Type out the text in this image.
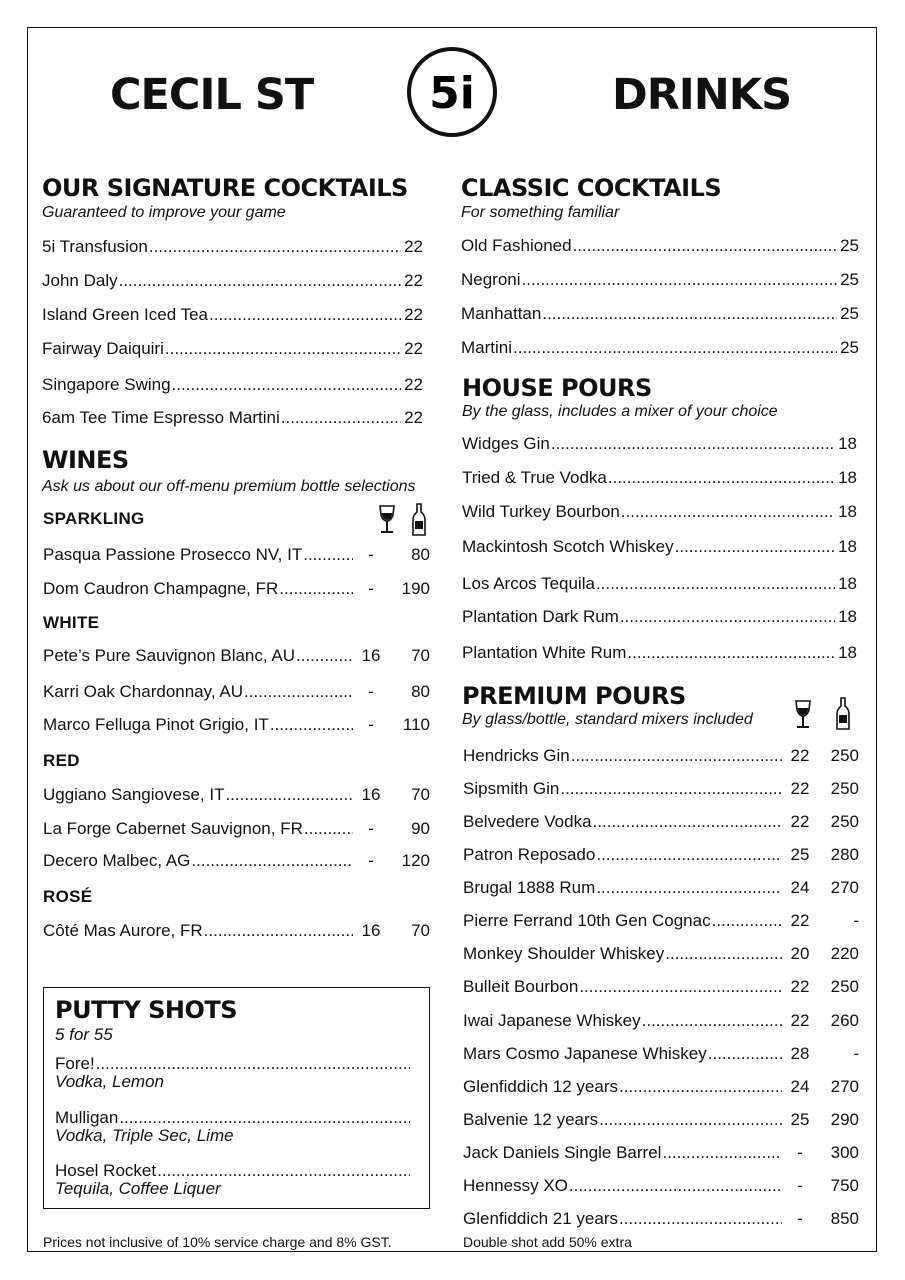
CECIL ST	5i	DRINKS
OUR SIGNATURE COCKTAILS
Guaranteed to improve your game
5i Transfusion .....	22
John Daly .....	22
Island Green Iced Tea .....	22
Fairway Daiquiri .....	22
Singapore Swing .....	22
6am Tee Time Espresso Martini .....	22
WINES
Ask us about our off-menu premium bottle selections
SPARKLING
WHITE
RED
ROSÉ
Pasqua Passione Prosecco NV, IT .....	-	80
Dom Caudron Champagne, FR .....	-	190
Pete’s Pure Sauvignon Blanc, AU .....	16	70
Karri Oak Chardonnay, AU .....	-	80
Marco Felluga Pinot Grigio, IT .....	-	110
Uggiano Sangiovese, IT .....	16	70
La Forge Cabernet Sauvignon, FR .....	-	90
Decero Malbec, AG .....	-	120
Côté Mas Aurore, FR .....	16	70
PUTTY SHOTS
5 for 55
Fore!
.....
Vodka, Lemon
Mulligan
.....
Vodka, Triple Sec, Lime
Hosel Rocket
.....
Tequila, Coffee Liquer
CLASSIC COCKTAILS
For something familiar
Old Fashioned .....	25
Negroni .....	25
Manhattan .....	25
Martini .....	25
HOUSE POURS
By the glass, includes a mixer of your choice
Widges Gin .....	18
Tried & True Vodka .....	18
Wild Turkey Bourbon .....	18
Mackintosh Scotch Whiskey .....	18
Los Arcos Tequila .....	18
Plantation Dark Rum .....	18
Plantation White Rum .....	18
PREMIUM POURS
By glass/bottle, standard mixers included
Hendricks Gin .....	22	250
Sipsmith Gin .....	22	250
Belvedere Vodka .....	22	250
Patron Reposado .....	25	280
Brugal 1888 Rum .....	24	270
Pierre Ferrand 10th Gen Cognac .....	22	-
Monkey Shoulder Whiskey .....	20	220
Bulleit Bourbon .....	22	250
Iwai Japanese Whiskey .....	22	260
Mars Cosmo Japanese Whiskey .....	28	-
Glenfiddich 12 years .....	24	270
Balvenie 12 years .....	25	290
Jack Daniels Single Barrel .....	-	300
Hennessy XO .....	-	750
Glenfiddich 21 years .....	-	850
Prices not inclusive of 10% service charge and 8% GST.	Double shot add 50% extra
